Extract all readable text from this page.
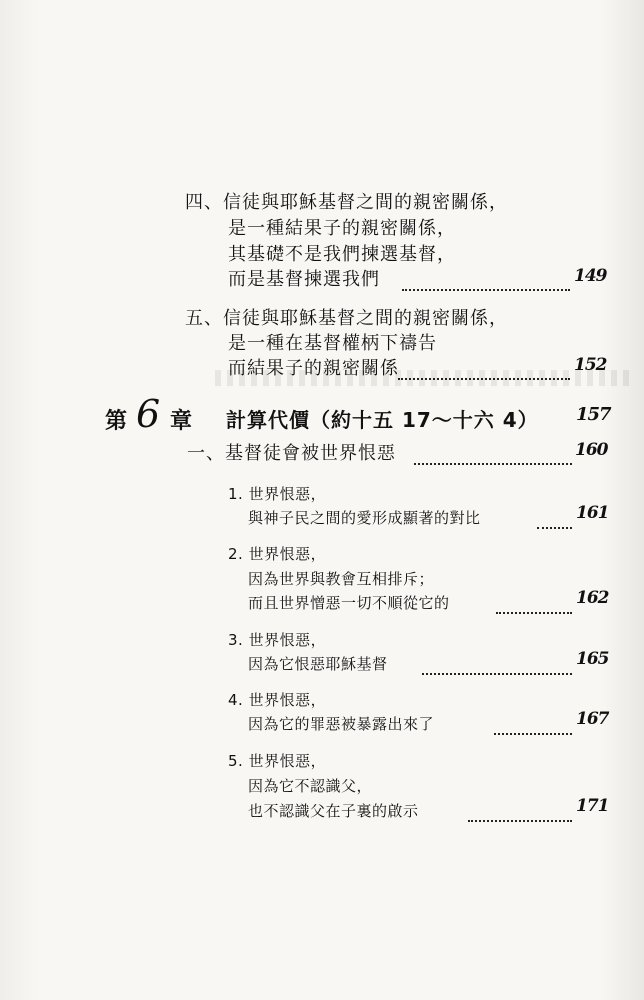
四、信徒與耶穌基督之間的親密關係，
是一種結果子的親密關係，
其基礎不是我們揀選基督，
而是基督揀選我們	149
五、信徒與耶穌基督之間的親密關係，
是一種在基督權柄下禱告
而結果子的親密關係	152
第 6 章 計算代價（約十五 17～十六 4） 157
一、基督徒會被世界恨惡	160
1. 世界恨惡，
與神子民之間的愛形成顯著的對比	161
2. 世界恨惡，
因為世界與教會互相排斥；
而且世界憎惡一切不順從它的	162
3. 世界恨惡，
因為它恨惡耶穌基督	165
4. 世界恨惡，
因為它的罪惡被暴露出來了	167
5. 世界恨惡，
因為它不認識父，
也不認識父在子裏的啟示	171
